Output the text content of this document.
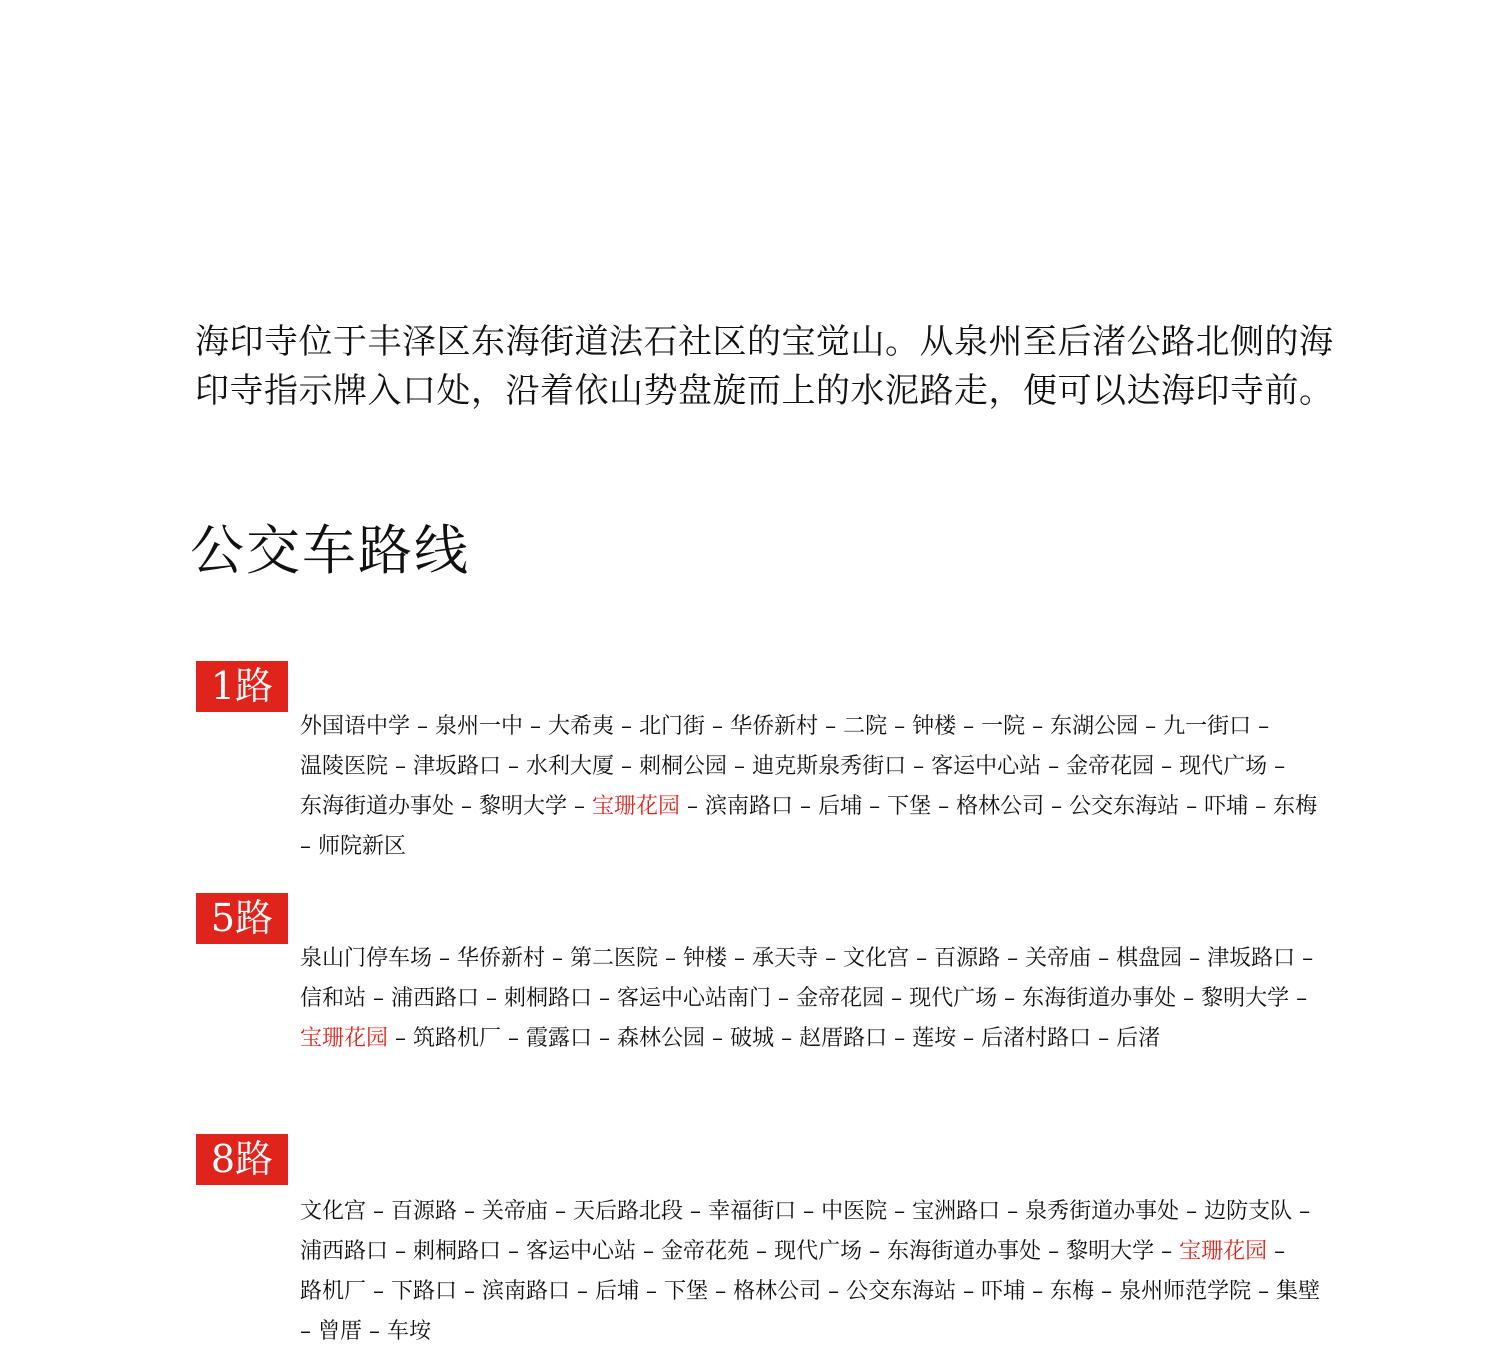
海印寺位于丰泽区东海街道法石社区的宝觉山。从泉州至后渚公路北侧的海印寺指示牌入口处，沿着依山势盘旋而上的水泥路走，便可以达海印寺前。

公交车路线
1路

外国语中学 – 泉州一中 – 大希夷 – 北门街 – 华侨新村 – 二院 – 钟楼 – 一院 – 东湖公园 – 九一街口 – 温陵医院 – 津坂路口 – 水利大厦 – 刺桐公园 – 迪克斯泉秀街口 – 客运中心站 – 金帝花园 – 现代广场 – 东海街道办事处 – 黎明大学 – 宝珊花园 – 滨南路口 – 后埔 – 下堡 – 格林公司 – 公交东海站 – 吓埔 – 东梅 – 师院新区

5路

泉山门停车场 – 华侨新村 – 第二医院 – 钟楼 – 承天寺 – 文化宫 – 百源路 – 关帝庙 – 棋盘园 – 津坂路口 – 信和站 – 浦西路口 – 刺桐路口 – 客运中心站南门 – 金帝花园 – 现代广场 – 东海街道办事处 – 黎明大学 – 宝珊花园 – 筑路机厂 – 霞露口 – 森林公园 – 破城 – 赵厝路口 – 莲垵 – 后渚村路口 – 后渚

8路

文化宫 – 百源路 – 关帝庙 – 天后路北段 – 幸福街口 – 中医院 – 宝洲路口 – 泉秀街道办事处 – 边防支队 – 浦西路口 – 刺桐路口 – 客运中心站 – 金帝花苑 – 现代广场 – 东海街道办事处 – 黎明大学 – 宝珊花园 – 路机厂 – 下路口 – 滨南路口 – 后埔 – 下堡 – 格林公司 – 公交东海站 – 吓埔 – 东梅 – 泉州师范学院 – 集壁 – 曾厝 – 车垵
